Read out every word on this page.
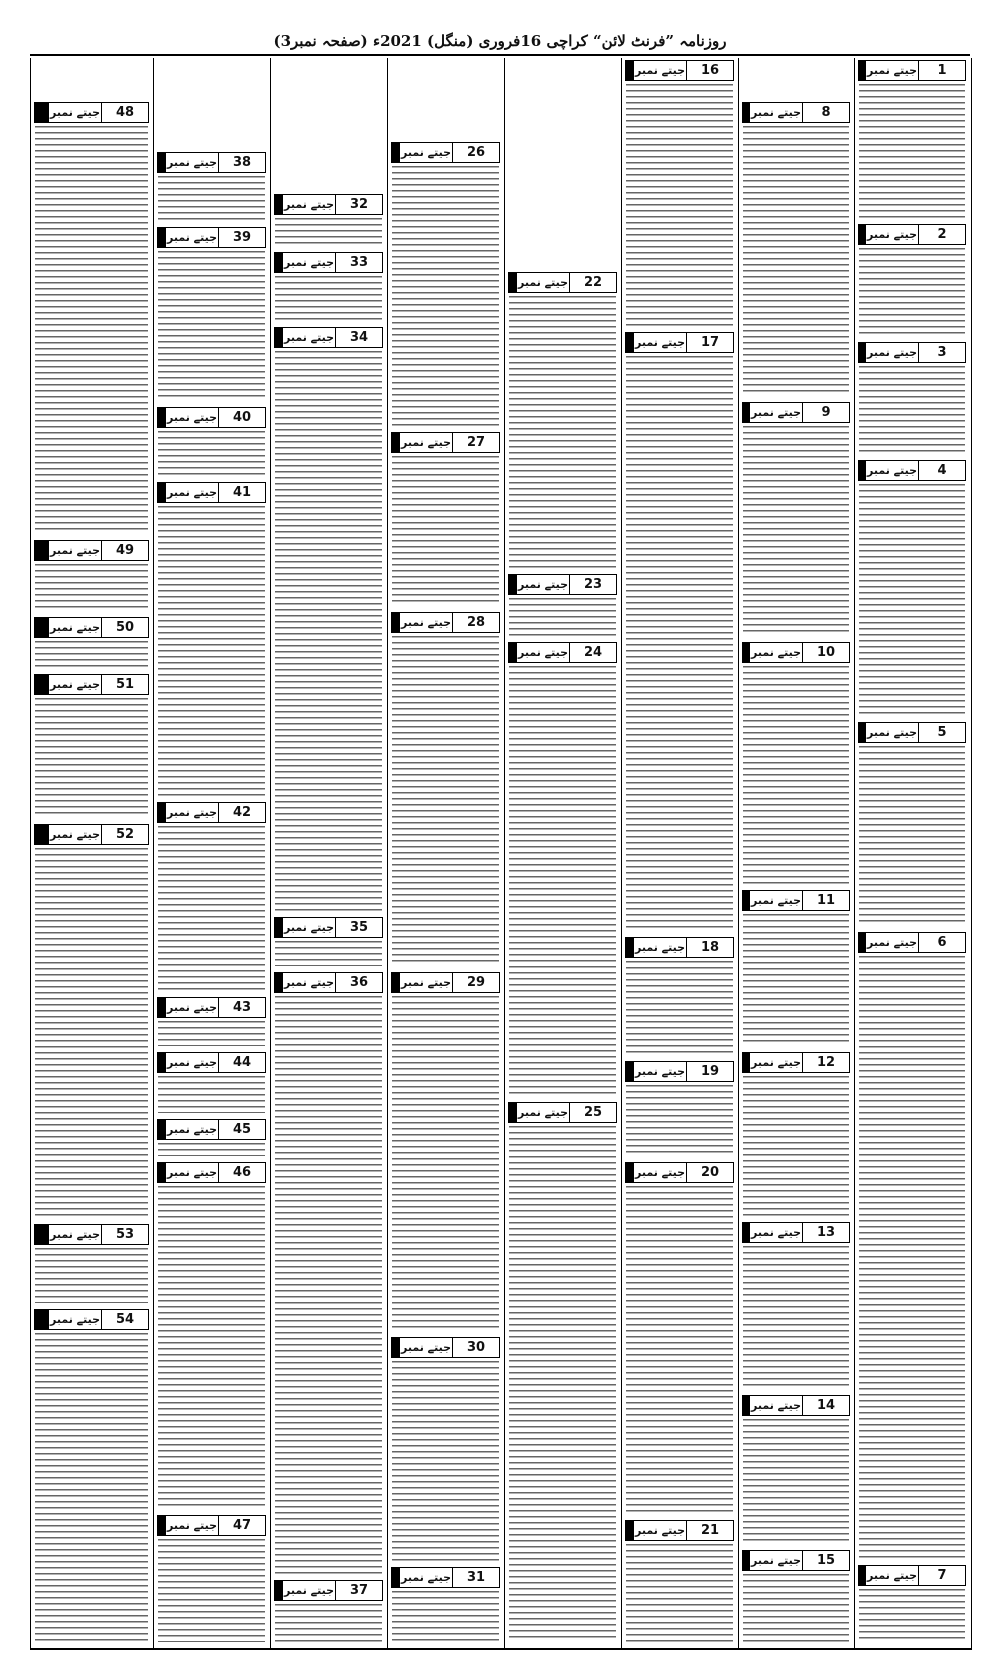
روزنامہ ”فرنٹ لائن“ کراچی 16فروری (منگل) 2021ء (صفحہ نمبر3)
1
جیتے نمبر
2
جیتے نمبر
3
جیتے نمبر
4
جیتے نمبر
5
جیتے نمبر
6
جیتے نمبر
7
جیتے نمبر
8
جیتے نمبر
9
جیتے نمبر
10
جیتے نمبر
11
جیتے نمبر
12
جیتے نمبر
13
جیتے نمبر
14
جیتے نمبر
15
جیتے نمبر
16
جیتے نمبر
17
جیتے نمبر
18
جیتے نمبر
19
جیتے نمبر
20
جیتے نمبر
21
جیتے نمبر
22
جیتے نمبر
23
جیتے نمبر
24
جیتے نمبر
25
جیتے نمبر
26
جیتے نمبر
27
جیتے نمبر
28
جیتے نمبر
29
جیتے نمبر
30
جیتے نمبر
31
جیتے نمبر
32
جیتے نمبر
33
جیتے نمبر
34
جیتے نمبر
35
جیتے نمبر
36
جیتے نمبر
37
جیتے نمبر
38
جیتے نمبر
39
جیتے نمبر
40
جیتے نمبر
41
جیتے نمبر
42
جیتے نمبر
43
جیتے نمبر
44
جیتے نمبر
45
جیتے نمبر
46
جیتے نمبر
47
جیتے نمبر
48
جیتے نمبر
49
جیتے نمبر
50
جیتے نمبر
51
جیتے نمبر
52
جیتے نمبر
53
جیتے نمبر
54
جیتے نمبر
